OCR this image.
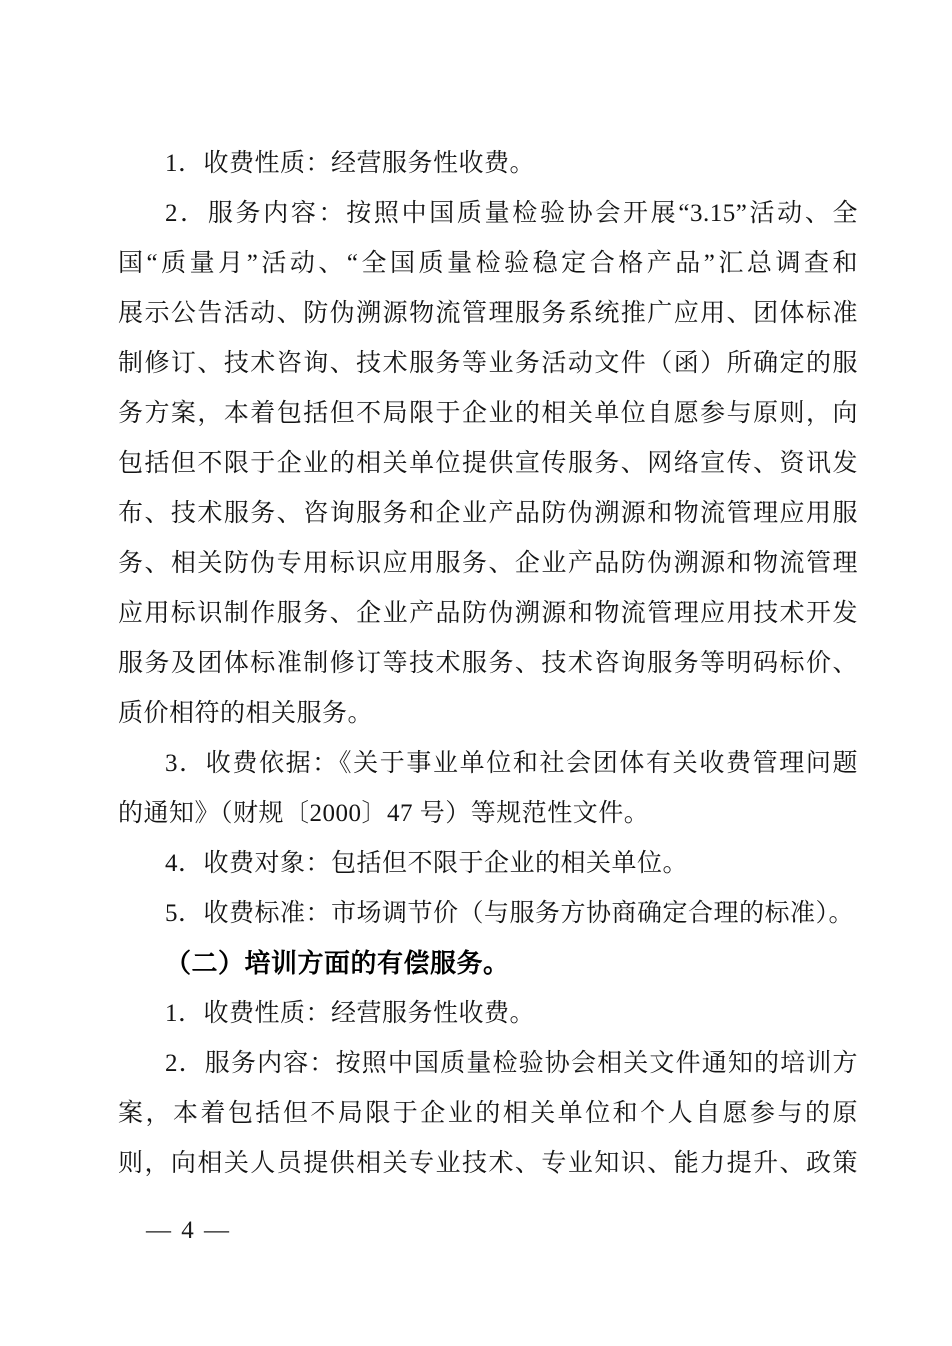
1．收费性质：经营服务性收费。
2．服务内容：按照中国质量检验协会开展“3.15”活动、全
国“质量月”活动、“全国质量检验稳定合格产品”汇总调查和
展示公告活动、防伪溯源物流管理服务系统推广应用、团体标准
制修订、技术咨询、技术服务等业务活动文件（函）所确定的服
务方案，本着包括但不局限于企业的相关单位自愿参与原则，向
包括但不限于企业的相关单位提供宣传服务、网络宣传、资讯发
布、技术服务、咨询服务和企业产品防伪溯源和物流管理应用服
务、相关防伪专用标识应用服务、企业产品防伪溯源和物流管理
应用标识制作服务、企业产品防伪溯源和物流管理应用技术开发
服务及团体标准制修订等技术服务、技术咨询服务等明码标价、
质价相符的相关服务。
3．收费依据：《关于事业单位和社会团体有关收费管理问题
的通知》（财规〔2000〕47 号）等规范性文件。
4．收费对象：包括但不限于企业的相关单位。
5．收费标准：市场调节价（与服务方协商确定合理的标准）。
（二）培训方面的有偿服务。
1．收费性质：经营服务性收费。
2．服务内容：按照中国质量检验协会相关文件通知的培训方
案，本着包括但不局限于企业的相关单位和个人自愿参与的原
则，向相关人员提供相关专业技术、专业知识、能力提升、政策
— 4 —
